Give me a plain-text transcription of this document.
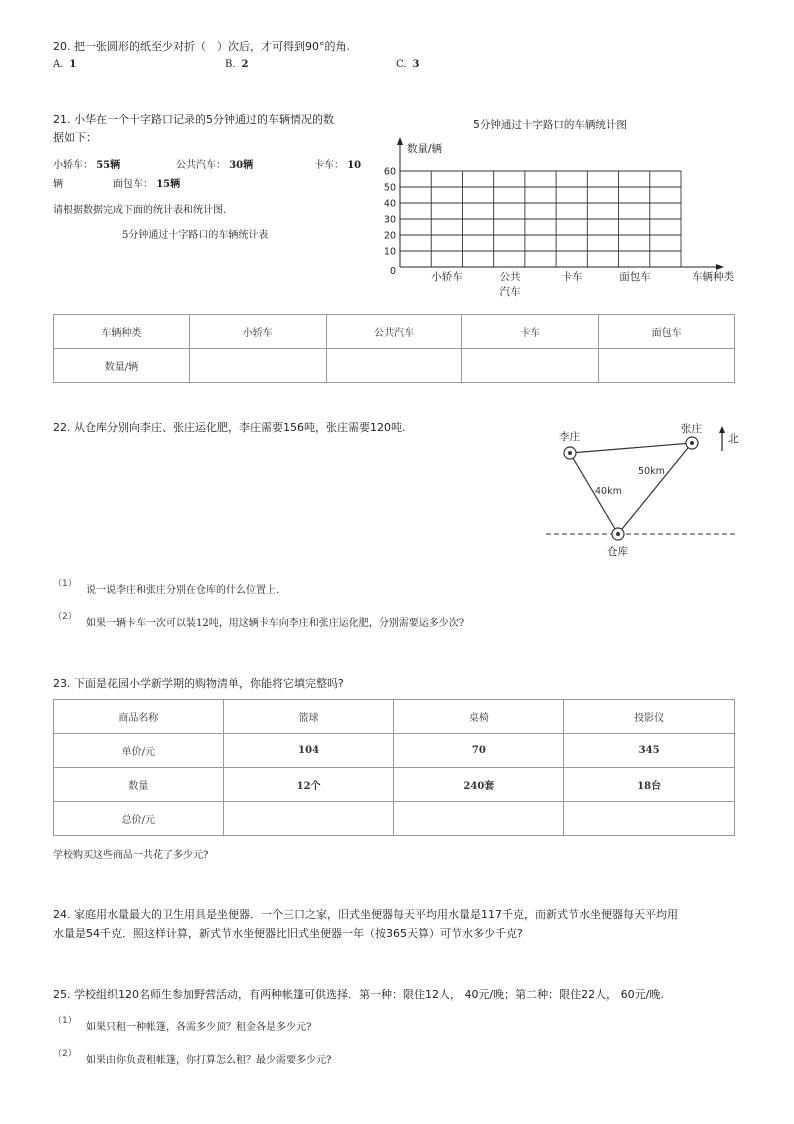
20. 把一张圆形的纸至少对折（　）次后，才可得到90°的角.
A. 1	B. 2	C. 3
21. 小华在一个十字路口记录的5分钟通过的车辆情况的数
据如下：
小轿车： 55辆	公共汽车： 30辆	卡车： 10
辆	面包车： 15辆
请根据数据完成下面的统计表和统计图.
5分钟通过十字路口的车辆统计表
5分钟通过十字路口的车辆统计图
数量/辆
0
10
20
30
40
50
60
小轿车	公共
汽车
卡车	面包车	车辆种类
车辆种类	小轿车	公共汽车	卡车	面包车
数量/辆				
22. 从仓库分别向李庄、张庄运化肥，李庄需要156吨，张庄需要120吨.
李庄
张庄
仓库
40km
50km
北
（1）
说一说李庄和张庄分别在仓库的什么位置上.
（2）
如果一辆卡车一次可以装12吨，用这辆卡车向李庄和张庄运化肥，分别需要运多少次?
23. 下面是花园小学新学期的购物清单，你能将它填完整吗?
商品名称	篮球	桌椅	投影仪
单价/元	104	70	345
数量	12个	240套	18台
总价/元			
学校购买这些商品一共花了多少元?
24. 家庭用水量最大的卫生用具是坐便器．一个三口之家，旧式坐便器每天平均用水量是117千克，而新式节水坐便器每天平均用
水量是54千克．照这样计算，新式节水坐便器比旧式坐便器一年（按365天算）可节水多少千克?
25. 学校组织120名师生参加野营活动，有两种帐篷可供选择．第一种：限住12人， 40元/晚；第二种：限住22人， 60元/晚.
（1）
如果只租一种帐篷，各需多少顶？租金各是多少元?
（2）
如果由你负责租帐篷，你打算怎么租？最少需要多少元?
